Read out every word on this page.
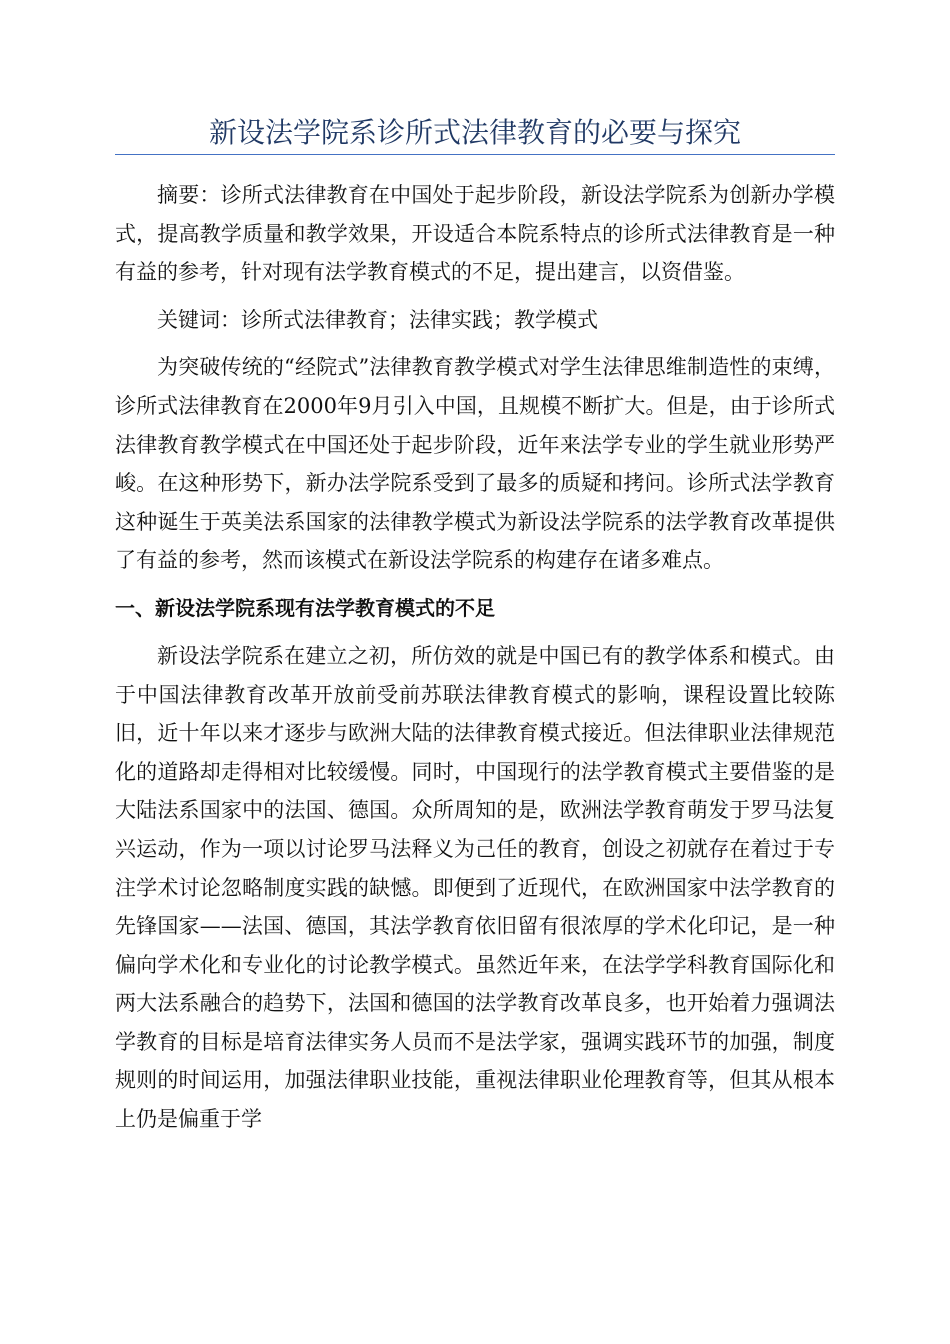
新设法学院系诊所式法律教育的必要与探究

摘要：诊所式法律教育在中国处于起步阶段，新设法学院系为创新办学模式，提高教学质量和教学效果，开设适合本院系特点的诊所式法律教育是一种有益的参考，针对现有法学教育模式的不足，提出建言，以资借鉴。

关键词：诊所式法律教育；法律实践；教学模式

为突破传统的“经院式”法律教育教学模式对学生法律思维制造性的束缚，诊所式法律教育在2000年9月引入中国，且规模不断扩大。但是，由于诊所式法律教育教学模式在中国还处于起步阶段，近年来法学专业的学生就业形势严峻。在这种形势下，新办法学院系受到了最多的质疑和拷问。诊所式法学教育这种诞生于英美法系国家的法律教学模式为新设法学院系的法学教育改革提供了有益的参考，然而该模式在新设法学院系的构建存在诸多难点。

一、新设法学院系现有法学教育模式的不足

新设法学院系在建立之初，所仿效的就是中国已有的教学体系和模式。由于中国法律教育改革开放前受前苏联法律教育模式的影响，课程设置比较陈旧，近十年以来才逐步与欧洲大陆的法律教育模式接近。但法律职业法律规范化的道路却走得相对比较缓慢。同时，中国现行的法学教育模式主要借鉴的是大陆法系国家中的法国、德国。众所周知的是，欧洲法学教育萌发于罗马法复兴运动，作为一项以讨论罗马法释义为己任的教育，创设之初就存在着过于专注学术讨论忽略制度实践的缺憾。即便到了近现代，在欧洲国家中法学教育的先锋国家——法国、德国，其法学教育依旧留有很浓厚的学术化印记，是一种偏向学术化和专业化的讨论教学模式。虽然近年来，在法学学科教育国际化和两大法系融合的趋势下，法国和德国的法学教育改革良多，也开始着力强调法学教育的目标是培育法律实务人员而不是法学家，强调实践环节的加强，制度规则的时间运用，加强法律职业技能，重视法律职业伦理教育等，但其从根本上仍是偏重于学
